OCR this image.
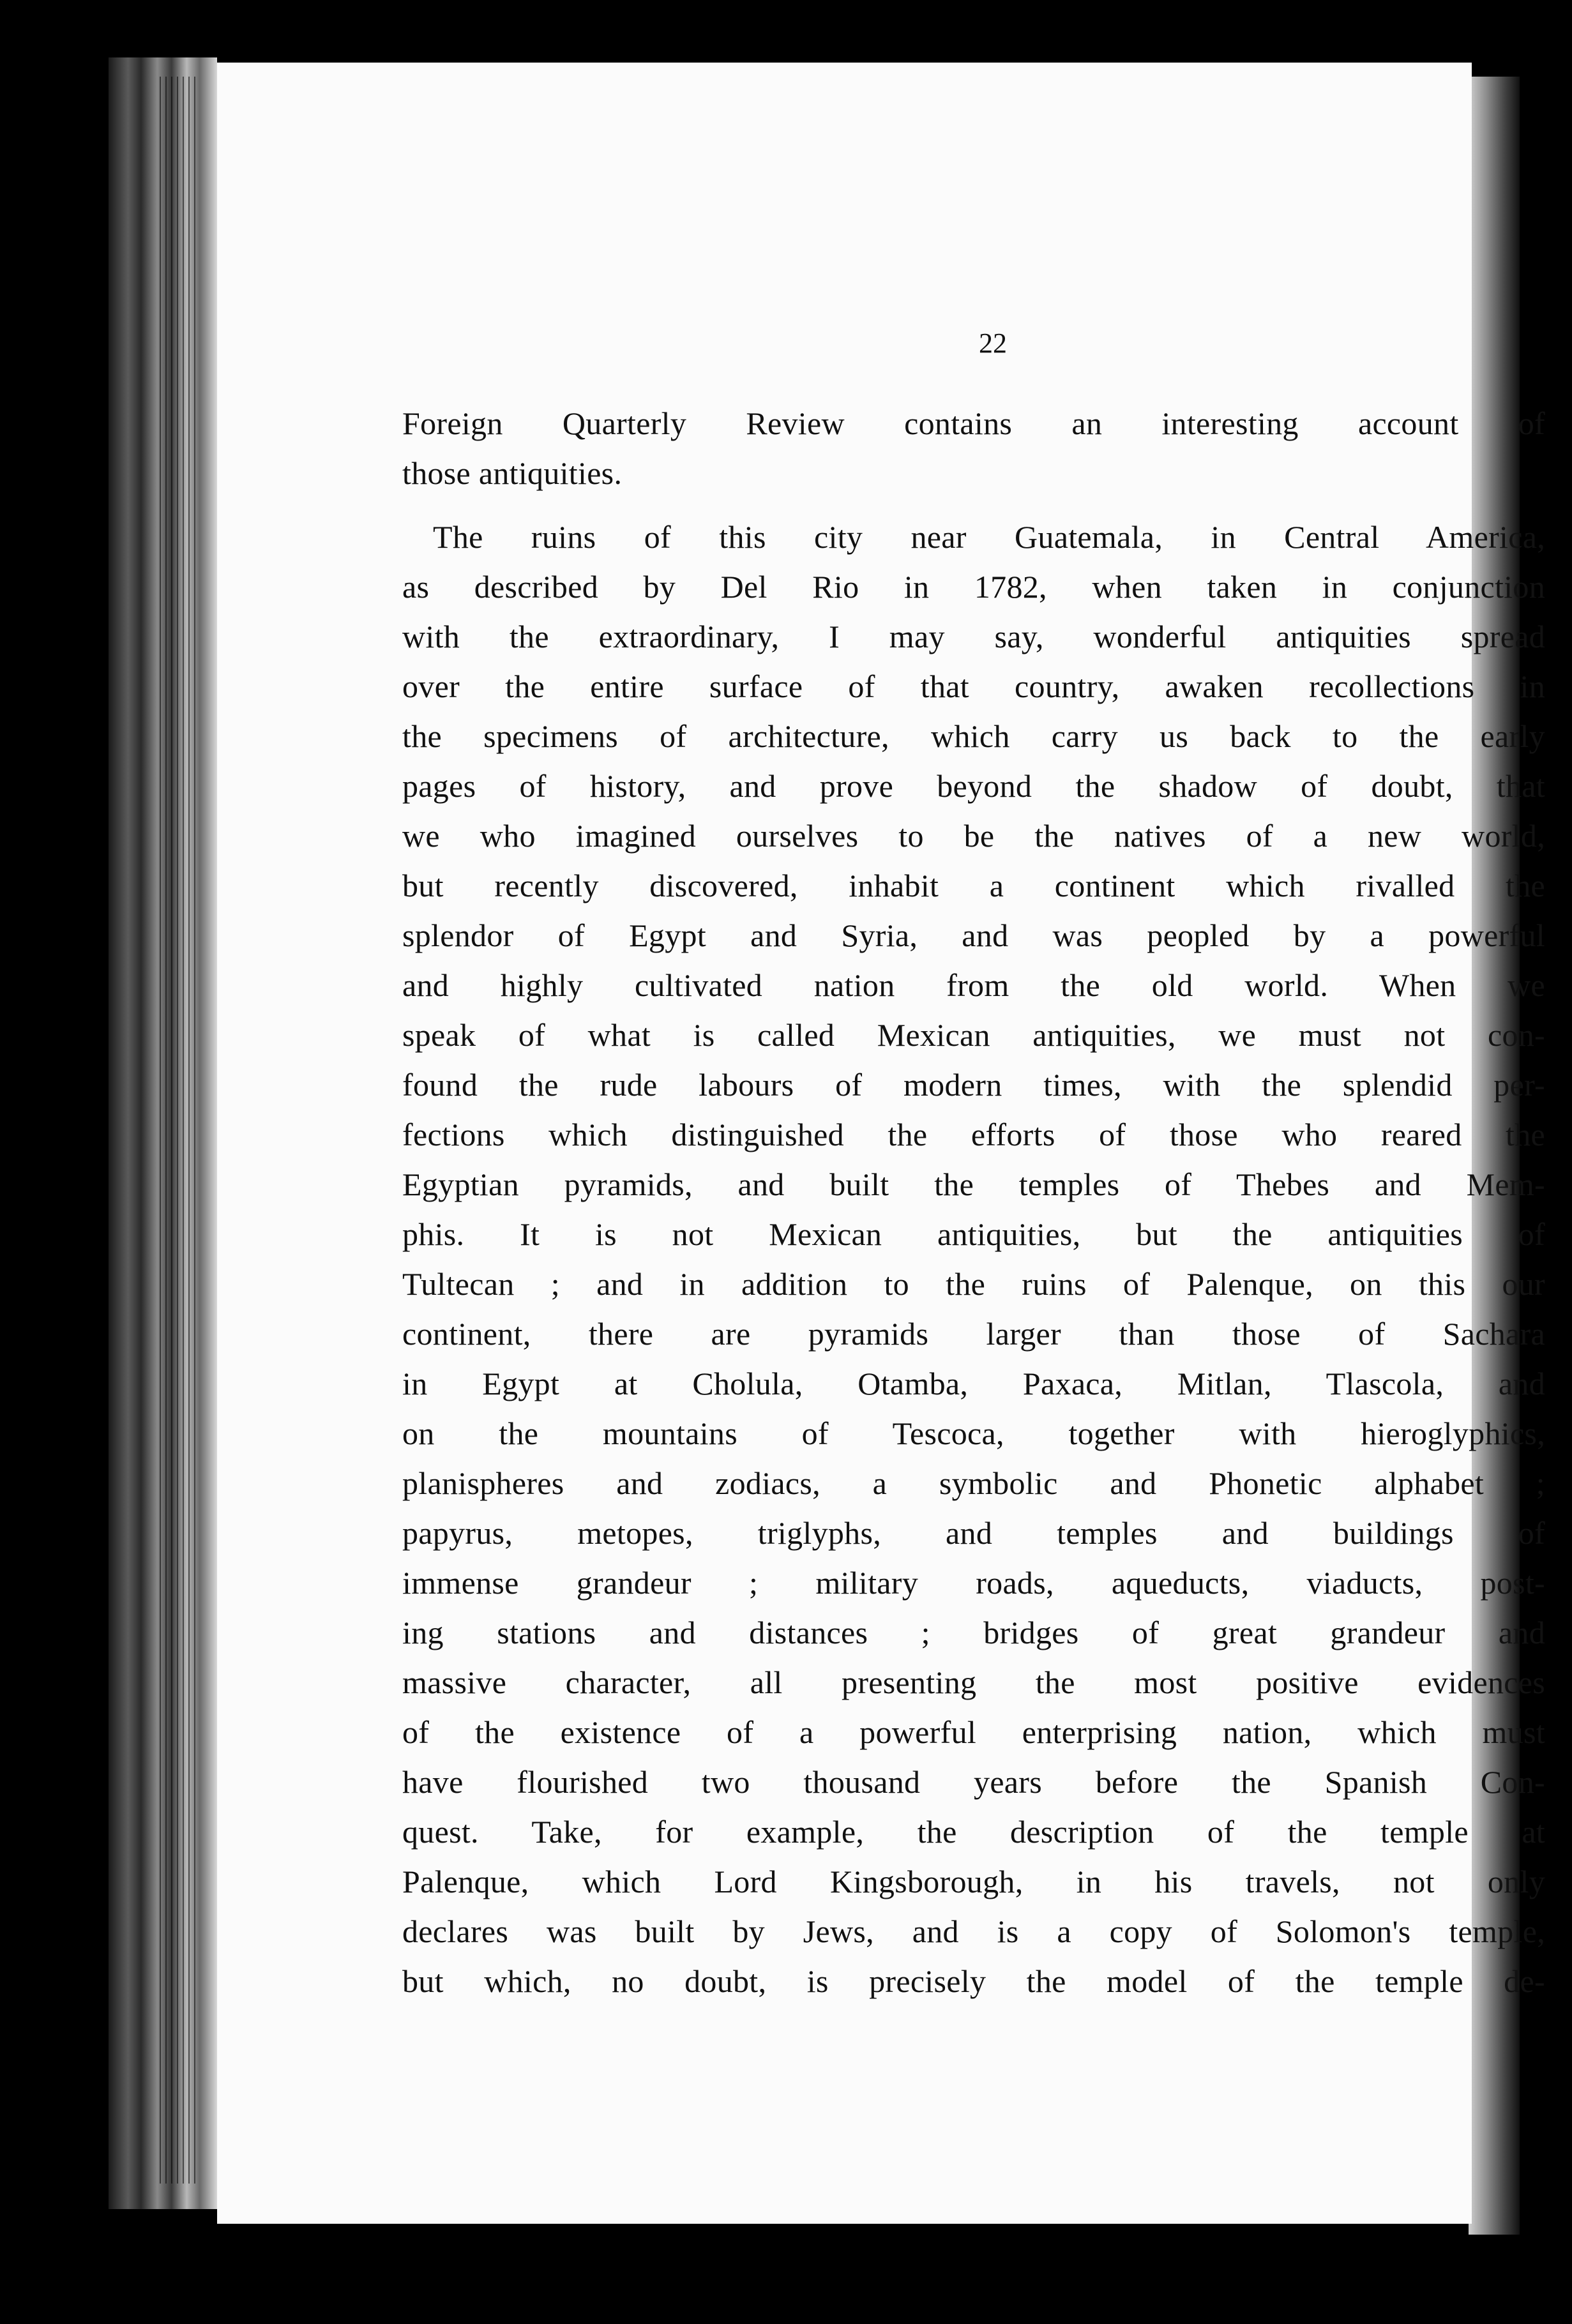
22
Foreign Quarterly Review contains an interesting account of
those antiquities.
The ruins of this city near Guatemala, in Central America,
as described by Del Rio in 1782, when taken in conjunction
with the extraordinary, I may say, wonderful antiquities spread
over the entire surface of that country, awaken recollections in
the specimens of architecture, which carry us back to the early
pages of history, and prove beyond the shadow of doubt, that
we who imagined ourselves to be the natives of a new world,
but recently discovered, inhabit a continent which rivalled the
splendor of Egypt and Syria, and was peopled by a powerful
and highly cultivated nation from the old world. When we
speak of what is called Mexican antiquities, we must not con-
found the rude labours of modern times, with the splendid per-
fections which distinguished the efforts of those who reared the
Egyptian pyramids, and built the temples of Thebes and Mem-
phis. It is not Mexican antiquities, but the antiquities of
Tultecan ; and in addition to the ruins of Palenque, on this our
continent, there are pyramids larger than those of Sachara
in Egypt at Cholula, Otamba, Paxaca, Mitlan, Tlascola, and
on the mountains of Tescoca, together with hieroglyphics,
planispheres and zodiacs, a symbolic and Phonetic alphabet ;
papyrus, metopes, triglyphs, and temples and buildings of
immense grandeur ; military roads, aqueducts, viaducts, post-
ing stations and distances ; bridges of great grandeur and
massive character, all presenting the most positive evidences
of the existence of a powerful enterprising nation, which must
have flourished two thousand years before the Spanish Con-
quest. Take, for example, the description of the temple at
Palenque, which Lord Kingsborough, in his travels, not only
declares was built by Jews, and is a copy of Solomon's temple,
but which, no doubt, is precisely the model of the temple de-
